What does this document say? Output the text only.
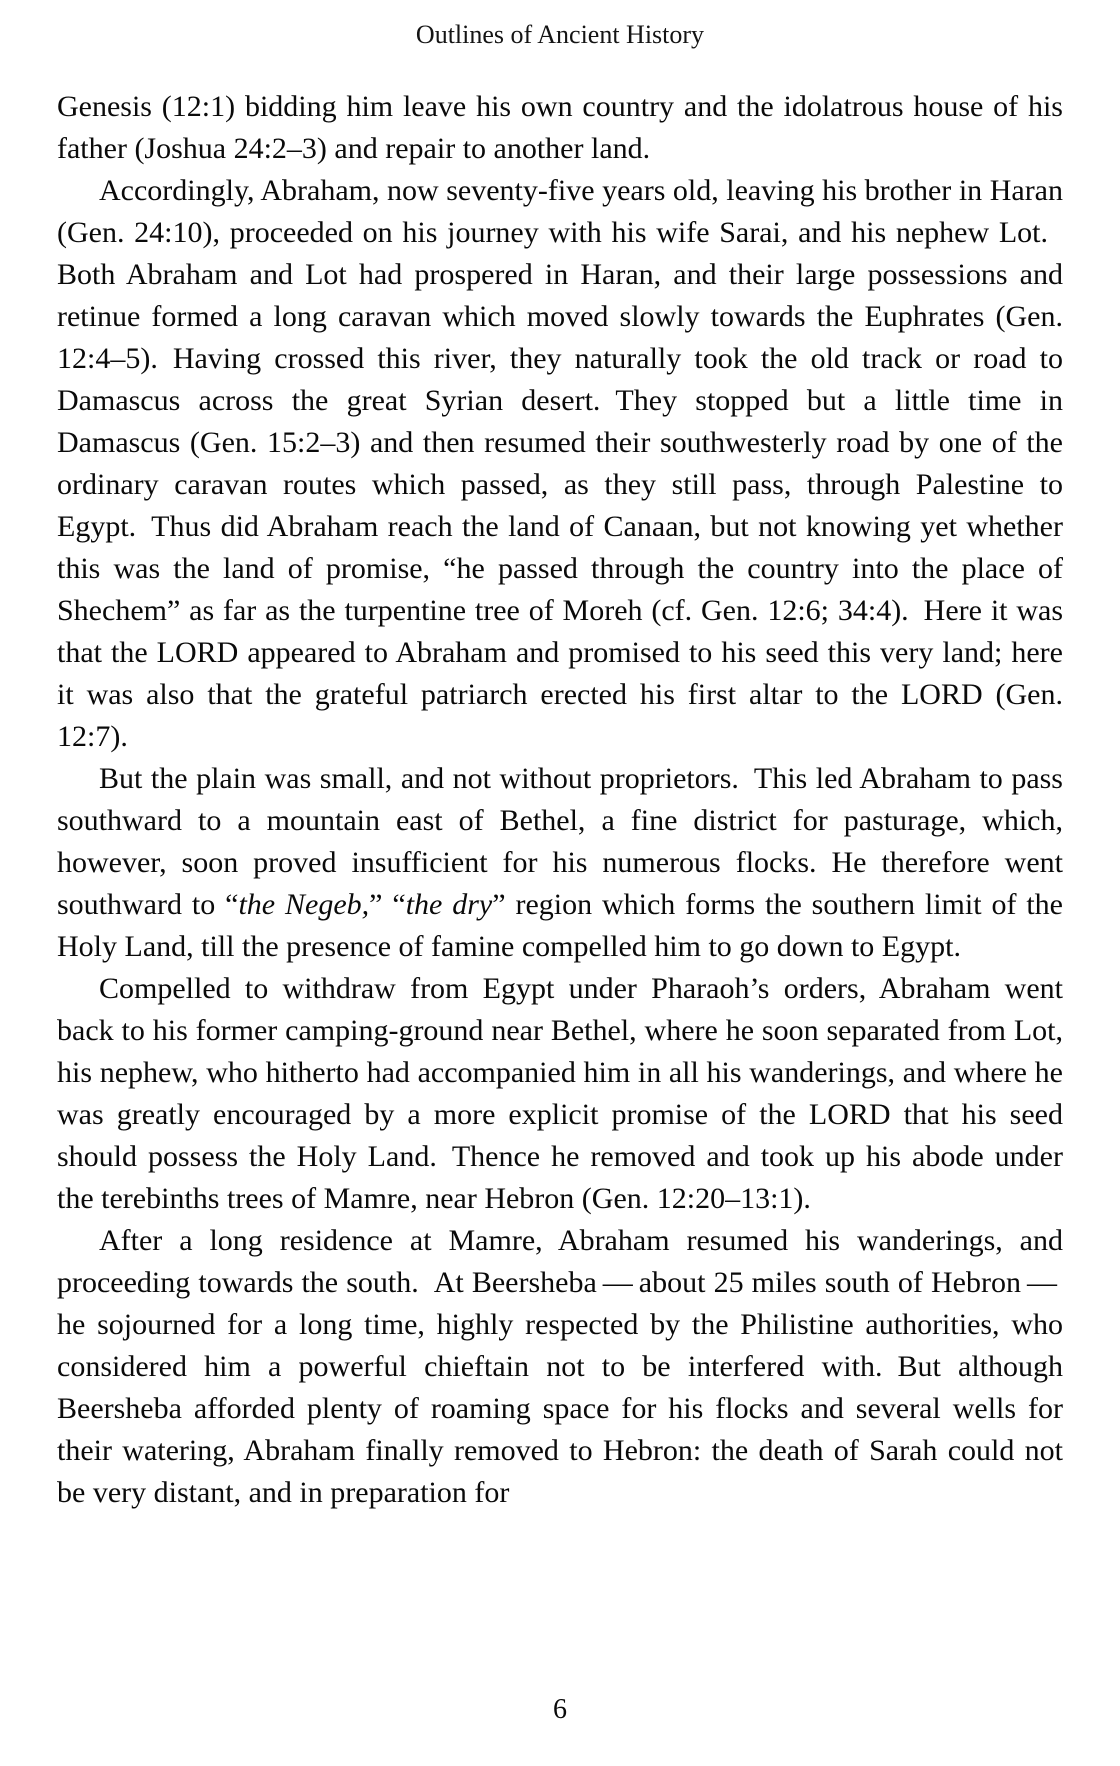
Outlines of Ancient History

Genesis (12:1) bidding him leave his own country and the idolatrous house of his father (Joshua 24:2–3) and repair to another land.

Accordingly, Abraham, now seventy-five years old, leaving his brother in Haran (Gen. 24:10), proceeded on his journey with his wife Sarai, and his nephew Lot. Both Abraham and Lot had prospered in Haran, and their large possessions and retinue formed a long caravan which moved slowly towards the Euphrates (Gen. 12:4–5). Having crossed this river, they naturally took the old track or road to Damascus across the great Syrian desert. They stopped but a little time in Damascus (Gen. 15:2–3) and then resumed their southwesterly road by one of the ordinary caravan routes which passed, as they still pass, through Palestine to Egypt. Thus did Abraham reach the land of Canaan, but not knowing yet whether this was the land of promise, “he passed through the country into the place of Shechem” as far as the turpentine tree of Moreh (cf. Gen. 12:6; 34:4). Here it was that the LORD appeared to Abraham and promised to his seed this very land; here it was also that the grateful patriarch erected his first altar to the LORD (Gen. 12:7).

But the plain was small, and not without proprietors. This led Abraham to pass southward to a mountain east of Bethel, a fine district for pasturage, which, however, soon proved insufficient for his numerous flocks. He therefore went southward to “the Negeb,” “the dry” region which forms the southern limit of the Holy Land, till the presence of famine compelled him to go down to Egypt.

Compelled to withdraw from Egypt under Pharaoh’s orders, Abraham went back to his former camping-ground near Bethel, where he soon separated from Lot, his nephew, who hitherto had accompanied him in all his wanderings, and where he was greatly encouraged by a more explicit promise of the LORD that his seed should possess the Holy Land. Thence he removed and took up his abode under the terebinths trees of Mamre, near Hebron (Gen. 12:20–13:1).

After a long residence at Mamre, Abraham resumed his wanderings, and proceeding towards the south. At Beersheba — about 25 miles south of Hebron — he sojourned for a long time, highly respected by the Philistine authorities, who considered him a powerful chieftain not to be interfered with. But although Beersheba afforded plenty of roaming space for his flocks and several wells for their watering, Abraham finally removed to Hebron: the death of Sarah could not be very distant, and in preparation for

6
